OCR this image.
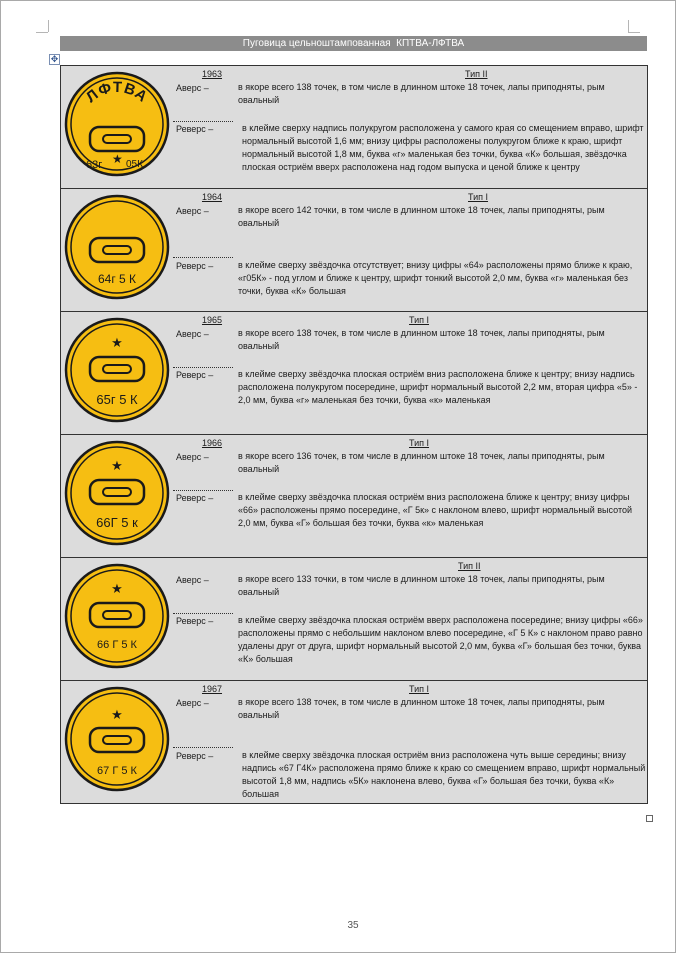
Пуговица цельноштампованная  КПТВА-ЛФТВА
✥
ЛФТВА
63г ★ 05К
1963	Тип II
Аверс –	в якоре всего 138 точек, в том числе в длинном штоке 18 точек, лапы приподняты, рым овальный
Реверс –	в клейме сверху надпись полукругом расположена у самого края со смещением вправо, шрифт нормальный высотой 1,6 мм; внизу цифры расположены полукругом ближе к краю, шрифт нормальный высотой 1,8 мм, буква «г» маленькая без точки, буква «К» большая, звёздочка плоская остриём вверх расположена над годом выпуска и ценой ближе к центру
64г 5 К
1964	Тип I
Аверс –	в якоре всего 142 точки, в том числе в длинном штоке 18 точек, лапы приподняты, рым овальный
Реверс –	в клейме сверху звёздочка отсутствует; внизу цифры «64» расположены прямо ближе к краю, «г05К» - под углом и ближе к центру, шрифт тонкий высотой 2,0 мм, буква «г» маленькая без точки, буква «К» большая
★
65г 5 К
1965	Тип I
Аверс –	в якоре всего 138 точек, в том числе в длинном штоке 18 точек, лапы приподняты, рым овальный
Реверс –	в клейме сверху звёздочка плоская остриём вниз расположена ближе к центру; внизу надпись расположена полукругом посередине, шрифт нормальный высотой 2,2 мм, вторая цифра «5» - 2,0 мм, буква «г» маленькая без точки, буква «к» маленькая
★
66Г 5 к
1966	Тип I
Аверс –	в якоре всего 136 точек, в том числе в длинном штоке 18 точек, лапы приподняты, рым овальный
Реверс –	в клейме сверху звёздочка плоская остриём вниз расположена ближе к центру; внизу цифры «66» расположены прямо посередине, «Г 5к» с наклоном влево, шрифт нормальный высотой 2,0 мм, буква «Г» большая без точки, буква «к» маленькая
★
66 Г 5 К
Тип II
Аверс –	в якоре всего 133 точки, в том числе в длинном штоке 18 точек, лапы приподняты, рым овальный
Реверс –	в клейме сверху звёздочка плоская остриём вверх расположена посередине; внизу цифры «66» расположены прямо с небольшим наклоном влево посередине, «Г 5 К» с наклоном право равно удалены друг от друга, шрифт нормальный высотой 2,0 мм, буква «Г» большая без точки, буква «К» большая
★
67 Г 5 К
1967	Тип I
Аверс –	в якоре всего 138 точек, в том числе в длинном штоке 18 точек, лапы приподняты, рым овальный
Реверс –	в клейме сверху звёздочка плоская остриём вниз расположена чуть выше середины; внизу надпись «67 Г4К» расположена прямо ближе к краю со смещением вправо, шрифт нормальный высотой 1,8 мм, надпись «5К» наклонена влево, буква «Г» большая без точки, буква «К» большая
35
